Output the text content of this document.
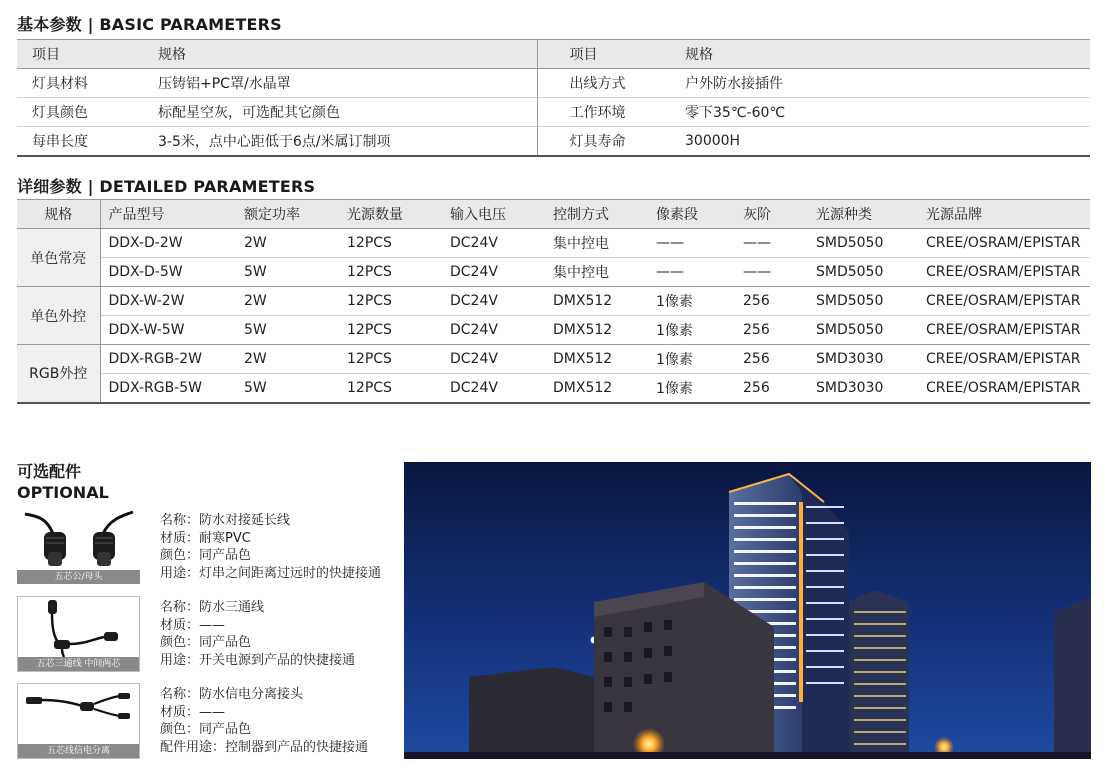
基本参数 | BASIC PARAMETERS
项目	规格	项目	规格
灯具材料	压铸铝+PC罩/水晶罩	出线方式	户外防水接插件
灯具颜色	标配星空灰，可选配其它颜色	工作环境	零下35℃-60℃
每串长度	3-5米，点中心距低于6点/米属订制项	灯具寿命	30000H
详细参数 | DETAILED PARAMETERS
规格	产品型号	额定功率	光源数量	输入电压	控制方式	像素段	灰阶	光源种类	光源品牌
单色常亮	DDX-D-2W	2W	12PCS	DC24V	集中控电	——	——	SMD5050	CREE/OSRAM/EPISTAR
	DDX-D-5W	5W	12PCS	DC24V	集中控电	——	——	SMD5050	CREE/OSRAM/EPISTAR
单色外控	DDX-W-2W	2W	12PCS	DC24V	DMX512	1像素	256	SMD5050	CREE/OSRAM/EPISTAR
	DDX-W-5W	5W	12PCS	DC24V	DMX512	1像素	256	SMD5050	CREE/OSRAM/EPISTAR
RGB外控	DDX-RGB-2W	2W	12PCS	DC24V	DMX512	1像素	256	SMD3030	CREE/OSRAM/EPISTAR
	DDX-RGB-5W	5W	12PCS	DC24V	DMX512	1像素	256	SMD3030	CREE/OSRAM/EPISTAR
可选配件
OPTIONAL
五芯公/母头
名称：防水对接延长线
材质：耐寒PVC
颜色：同产品色
用途：灯串之间距离过远时的快捷接通
五芯三通线 中间两芯
名称：防水三通线
材质：——
颜色：同产品色
用途：开关电源到产品的快捷接通
五芯线信电分离
名称：防水信电分离接头
材质：——
颜色：同产品色
配件用途：控制器到产品的快捷接通
